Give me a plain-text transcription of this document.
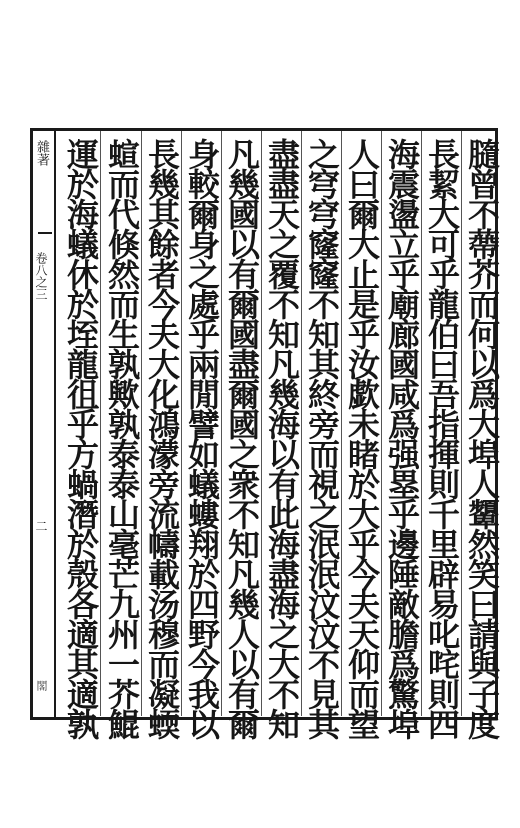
雜著
卷八之三
二
閣	膸曾不蔕芥而何以爲大埠人顰然笑曰請與子度
長絜大可乎龍伯曰吾指揮則千里辟易叱咤則四
海震盪立乎廟廊國咸爲强塁乎邊陲敵膽爲驚埠
人曰爾大止是乎汝歔未睹於大乎今夫天仰而望
之穹穹窿窿不知其終旁而視之泯泯汶汶不見其
盡盡天之覆不知凡幾海以有此海盡海之大不知
凡幾國以有爾國盡爾國之衆不知凡幾人以有爾
身較爾身之處乎兩閒譬如蟻螻翔於四野今我以
長幾其餘者今夫大化鴻濛旁流幬載汤穆而凝蝡
蝖而代倏然而生孰歟孰泰泰山毫芒九州一芥鯤
運於海蟻休於垤龍徂乎方蝸潛於殼各適其適孰
